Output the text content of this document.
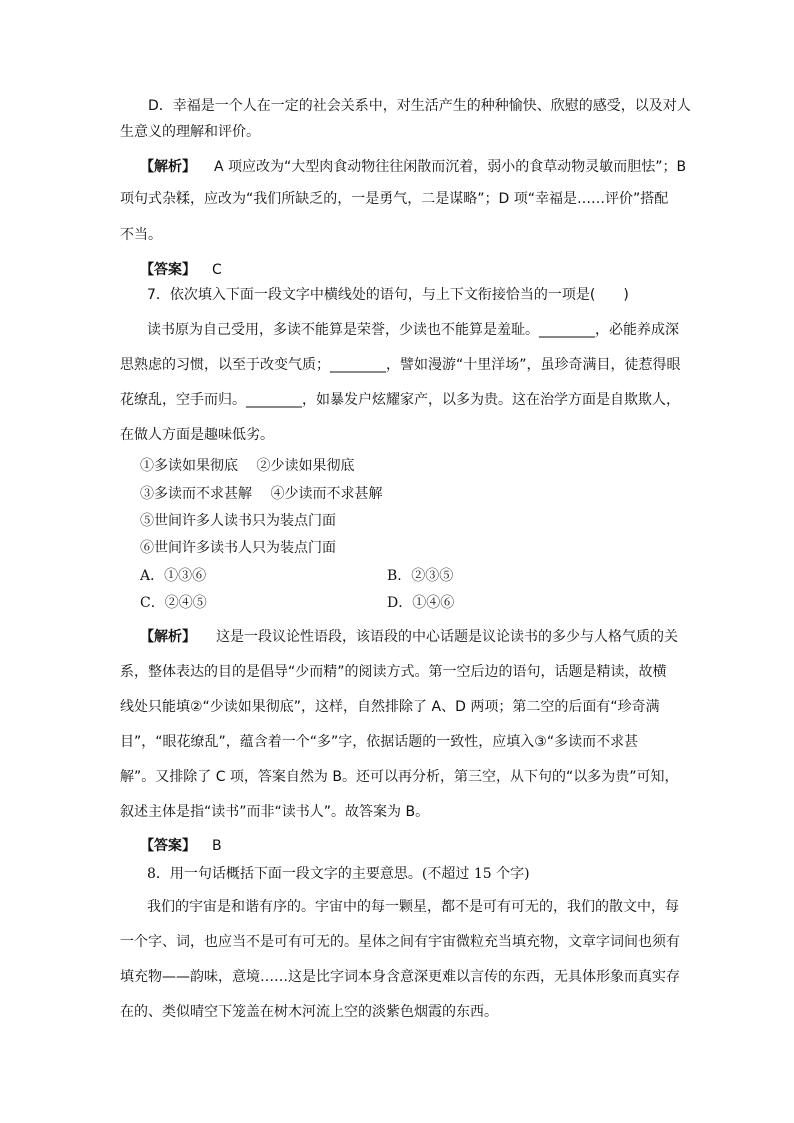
D．幸福是一个人在一定的社会关系中，对生活产生的种种愉快、欣慰的感受，以及对人
生意义的理解和评价。
【解析】 A 项应改为“大型肉食动物往往闲散而沉着，弱小的食草动物灵敏而胆怯”；B
项句式杂糅，应改为“我们所缺乏的，一是勇气，二是谋略”；D 项“幸福是……评价”搭配
不当。
【答案】 C
7．依次填入下面一段文字中横线处的语句，与上下文衔接恰当的一项是(　　)
读书原为自己受用，多读不能算是荣誉，少读也不能算是羞耻。________，必能养成深
思熟虑的习惯，以至于改变气质；________，譬如漫游“十里洋场”，虽珍奇满目，徒惹得眼
花缭乱，空手而归。________，如暴发户炫耀家产，以多为贵。这在治学方面是自欺欺人，
在做人方面是趣味低劣。
①多读如果彻底　 ②少读如果彻底
③多读而不求甚解　 ④少读而不求甚解
⑤世间许多人读书只为装点门面
⑥世间许多读书人只为装点门面
A．①③⑥	B．②③⑤
C．②④⑤	D．①④⑥
【解析】 这是一段议论性语段，该语段的中心话题是议论读书的多少与人格气质的关
系，整体表达的目的是倡导“少而精”的阅读方式。第一空后边的语句，话题是精读，故横
线处只能填②“少读如果彻底”，这样，自然排除了 A、D 两项；第二空的后面有“珍奇满
目”，“眼花缭乱”，蕴含着一个“多”字，依据话题的一致性，应填入③“多读而不求甚
解”。又排除了 C 项，答案自然为 B。还可以再分析，第三空，从下句的“以多为贵”可知，
叙述主体是指“读书”而非“读书人”。故答案为 B。
【答案】 B
8．用一句话概括下面一段文字的主要意思。(不超过 15 个字)
我们的宇宙是和谐有序的。宇宙中的每一颗星，都不是可有可无的，我们的散文中，每
一个字、词，也应当不是可有可无的。星体之间有宇宙微粒充当填充物，文章字词间也须有
填充物——韵味，意境……这是比字词本身含意深更难以言传的东西，无具体形象而真实存
在的、类似晴空下笼盖在树木河流上空的淡紫色烟霞的东西。
